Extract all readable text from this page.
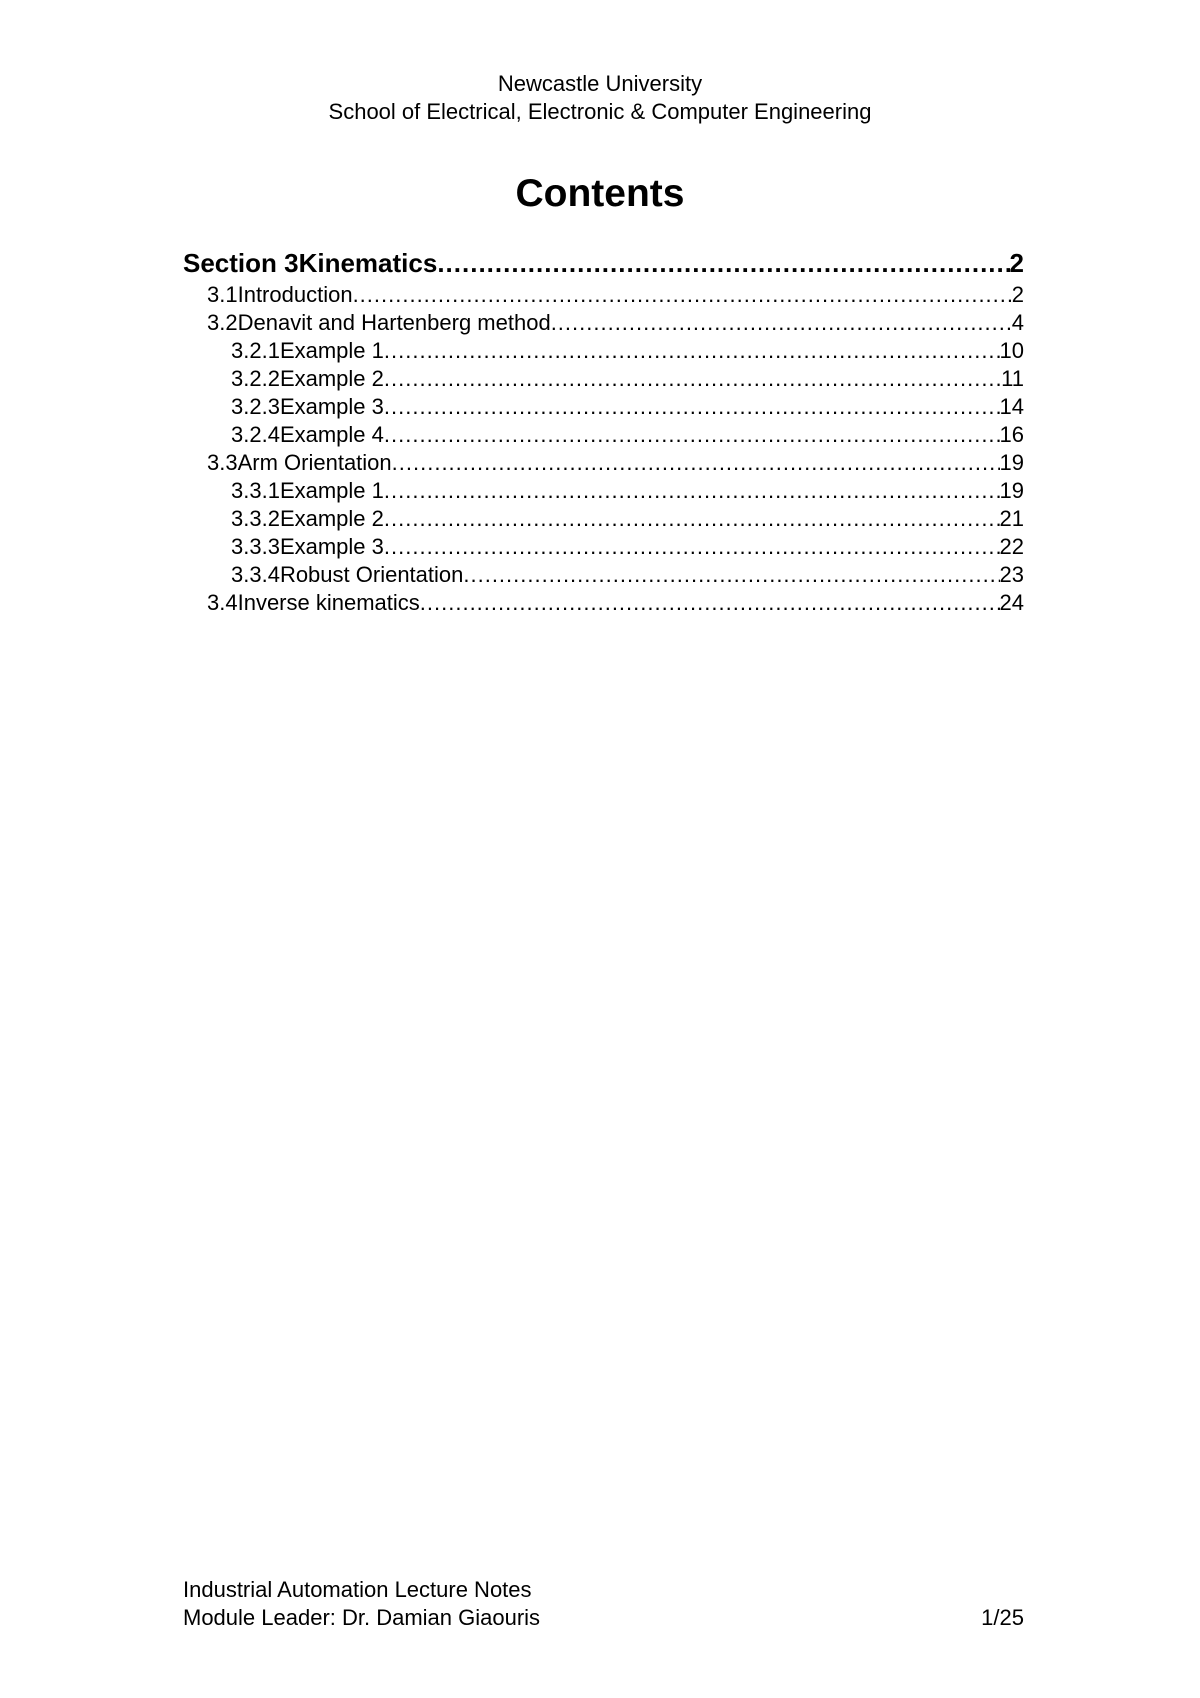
Newcastle University
School of Electrical, Electronic & Computer Engineering
Contents
Section 3 Kinematics .....	2
3.1 Introduction .....	2
3.2 Denavit and Hartenberg method .....	4
3.2.1 Example 1 .....	10
3.2.2 Example 2 .....	11
3.2.3 Example 3 .....	14
3.2.4 Example 4 .....	16
3.3 Arm Orientation .....	19
3.3.1 Example 1 .....	19
3.3.2 Example 2 .....	21
3.3.3 Example 3 .....	22
3.3.4 Robust Orientation .....	23
3.4 Inverse kinematics .....	24
Industrial Automation Lecture Notes
Module Leader: Dr. Damian Giaouris	1/25
